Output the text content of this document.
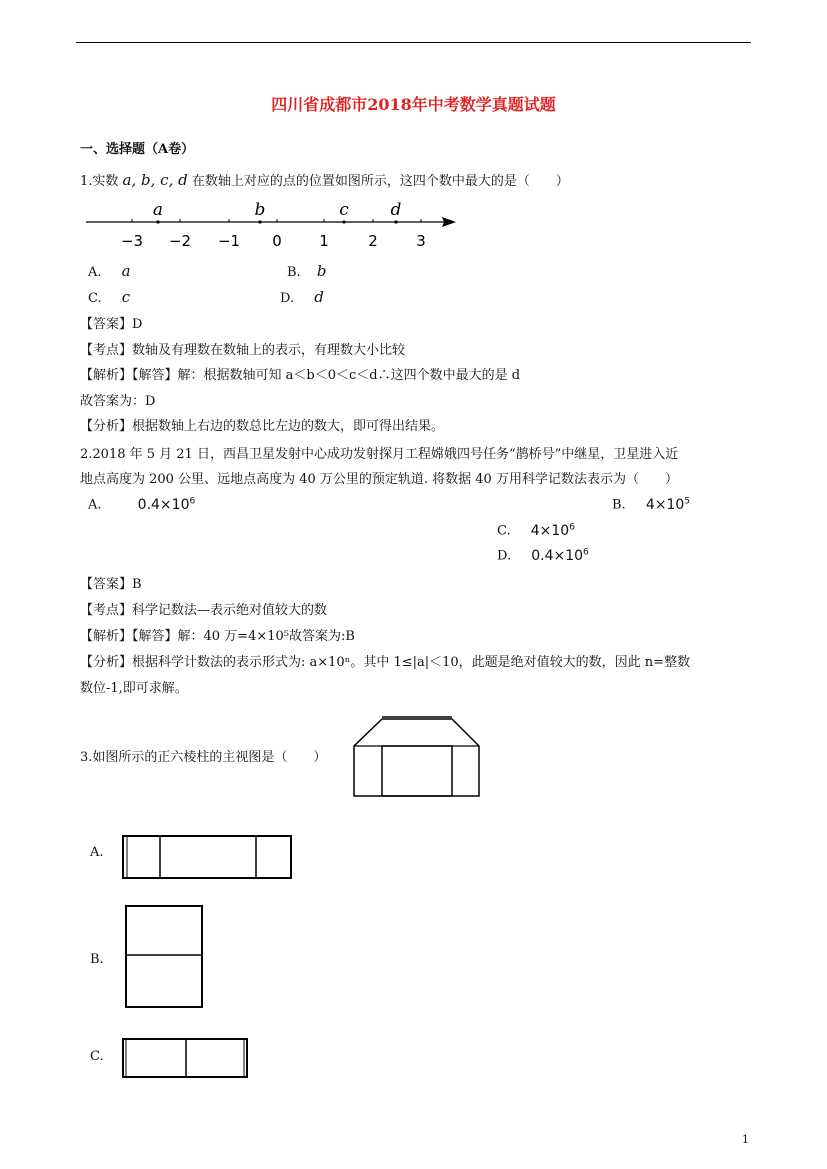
四川省成都市2018年中考数学真题试题
一、选择题（A卷）
1.实数 a, b, c, d 在数轴上对应的点的位置如图所示，这四个数中最大的是（　　）
−3 −2 −1 0 1	2	3
a	b	c d
A. a	B. b
C. c	D. d
【答案】D
【考点】数轴及有理数在数轴上的表示，有理数大小比较
【解析】【解答】解：根据数轴可知 a＜b＜0＜c＜d∴这四个数中最大的是 d
故答案为：D
【分析】根据数轴上右边的数总比左边的数大，即可得出结果。
2.2018 年 5 月 21 日，西昌卫星发射中心成功发射探月工程嫦娥四号任务“鹊桥号”中继星，卫星进入近
地点高度为 200 公里、远地点高度为 40 万公里的预定轨道. 将数据 40 万用科学记数法表示为（　　）
A.	$0.4\times 10^6$	B. $4\times 10^5$
C. $4\times 10^6$
D. $0.4\times 10^6$
【答案】B
【考点】科学记数法—表示绝对值较大的数
【解析】【解答】解：40 万=4×10⁵故答案为:B
【分析】根据科学计数法的表示形式为: a×10ⁿ。其中 1≤|a|＜10，此题是绝对值较大的数，因此 n=整数
数位-1,即可求解。
3.如图所示的正六棱柱的主视图是（　　）
A.
B.
C.
1
